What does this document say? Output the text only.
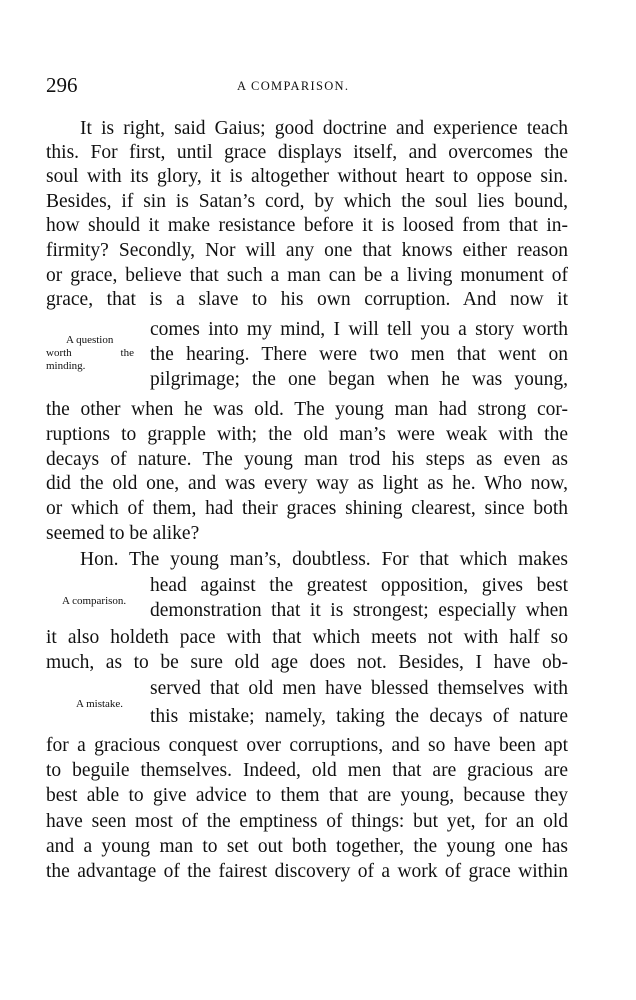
296	A COMPARISON.
It is right, said Gaius; good doctrine and experience teach
this. For first, until grace displays itself, and overcomes the
soul with its glory, it is altogether without heart to oppose sin.
Besides, if sin is Satan’s cord, by which the soul lies bound,
how should it make resistance before it is loosed from that in-
firmity? Secondly, Nor will any one that knows either reason
or grace, believe that such a man can be a living monument of
grace, that is a slave to his own corruption. And now it
comes into my mind, I will tell you a story worth
the hearing. There were two men that went on
pilgrimage; the one began when he was young,
the other when he was old. The young man had strong cor-
ruptions to grapple with; the old man’s were weak with the
decays of nature. The young man trod his steps as even as
did the old one, and was every way as light as he. Who now,
or which of them, had their graces shining clearest, since both
seemed to be alike?
Hon. The young man’s, doubtless. For that which makes
head against the greatest opposition, gives best
demonstration that it is strongest; especially when
it also holdeth pace with that which meets not with half so
much, as to be sure old age does not. Besides, I have ob-
served that old men have blessed themselves with
this mistake; namely, taking the decays of nature
for a gracious conquest over corruptions, and so have been apt
to beguile themselves. Indeed, old men that are gracious are
best able to give advice to them that are young, because they
have seen most of the emptiness of things: but yet, for an old
and a young man to set out both together, the young one has
the advantage of the fairest discovery of a work of grace within
A question
worth the
minding.
A comparison.
A mistake.
